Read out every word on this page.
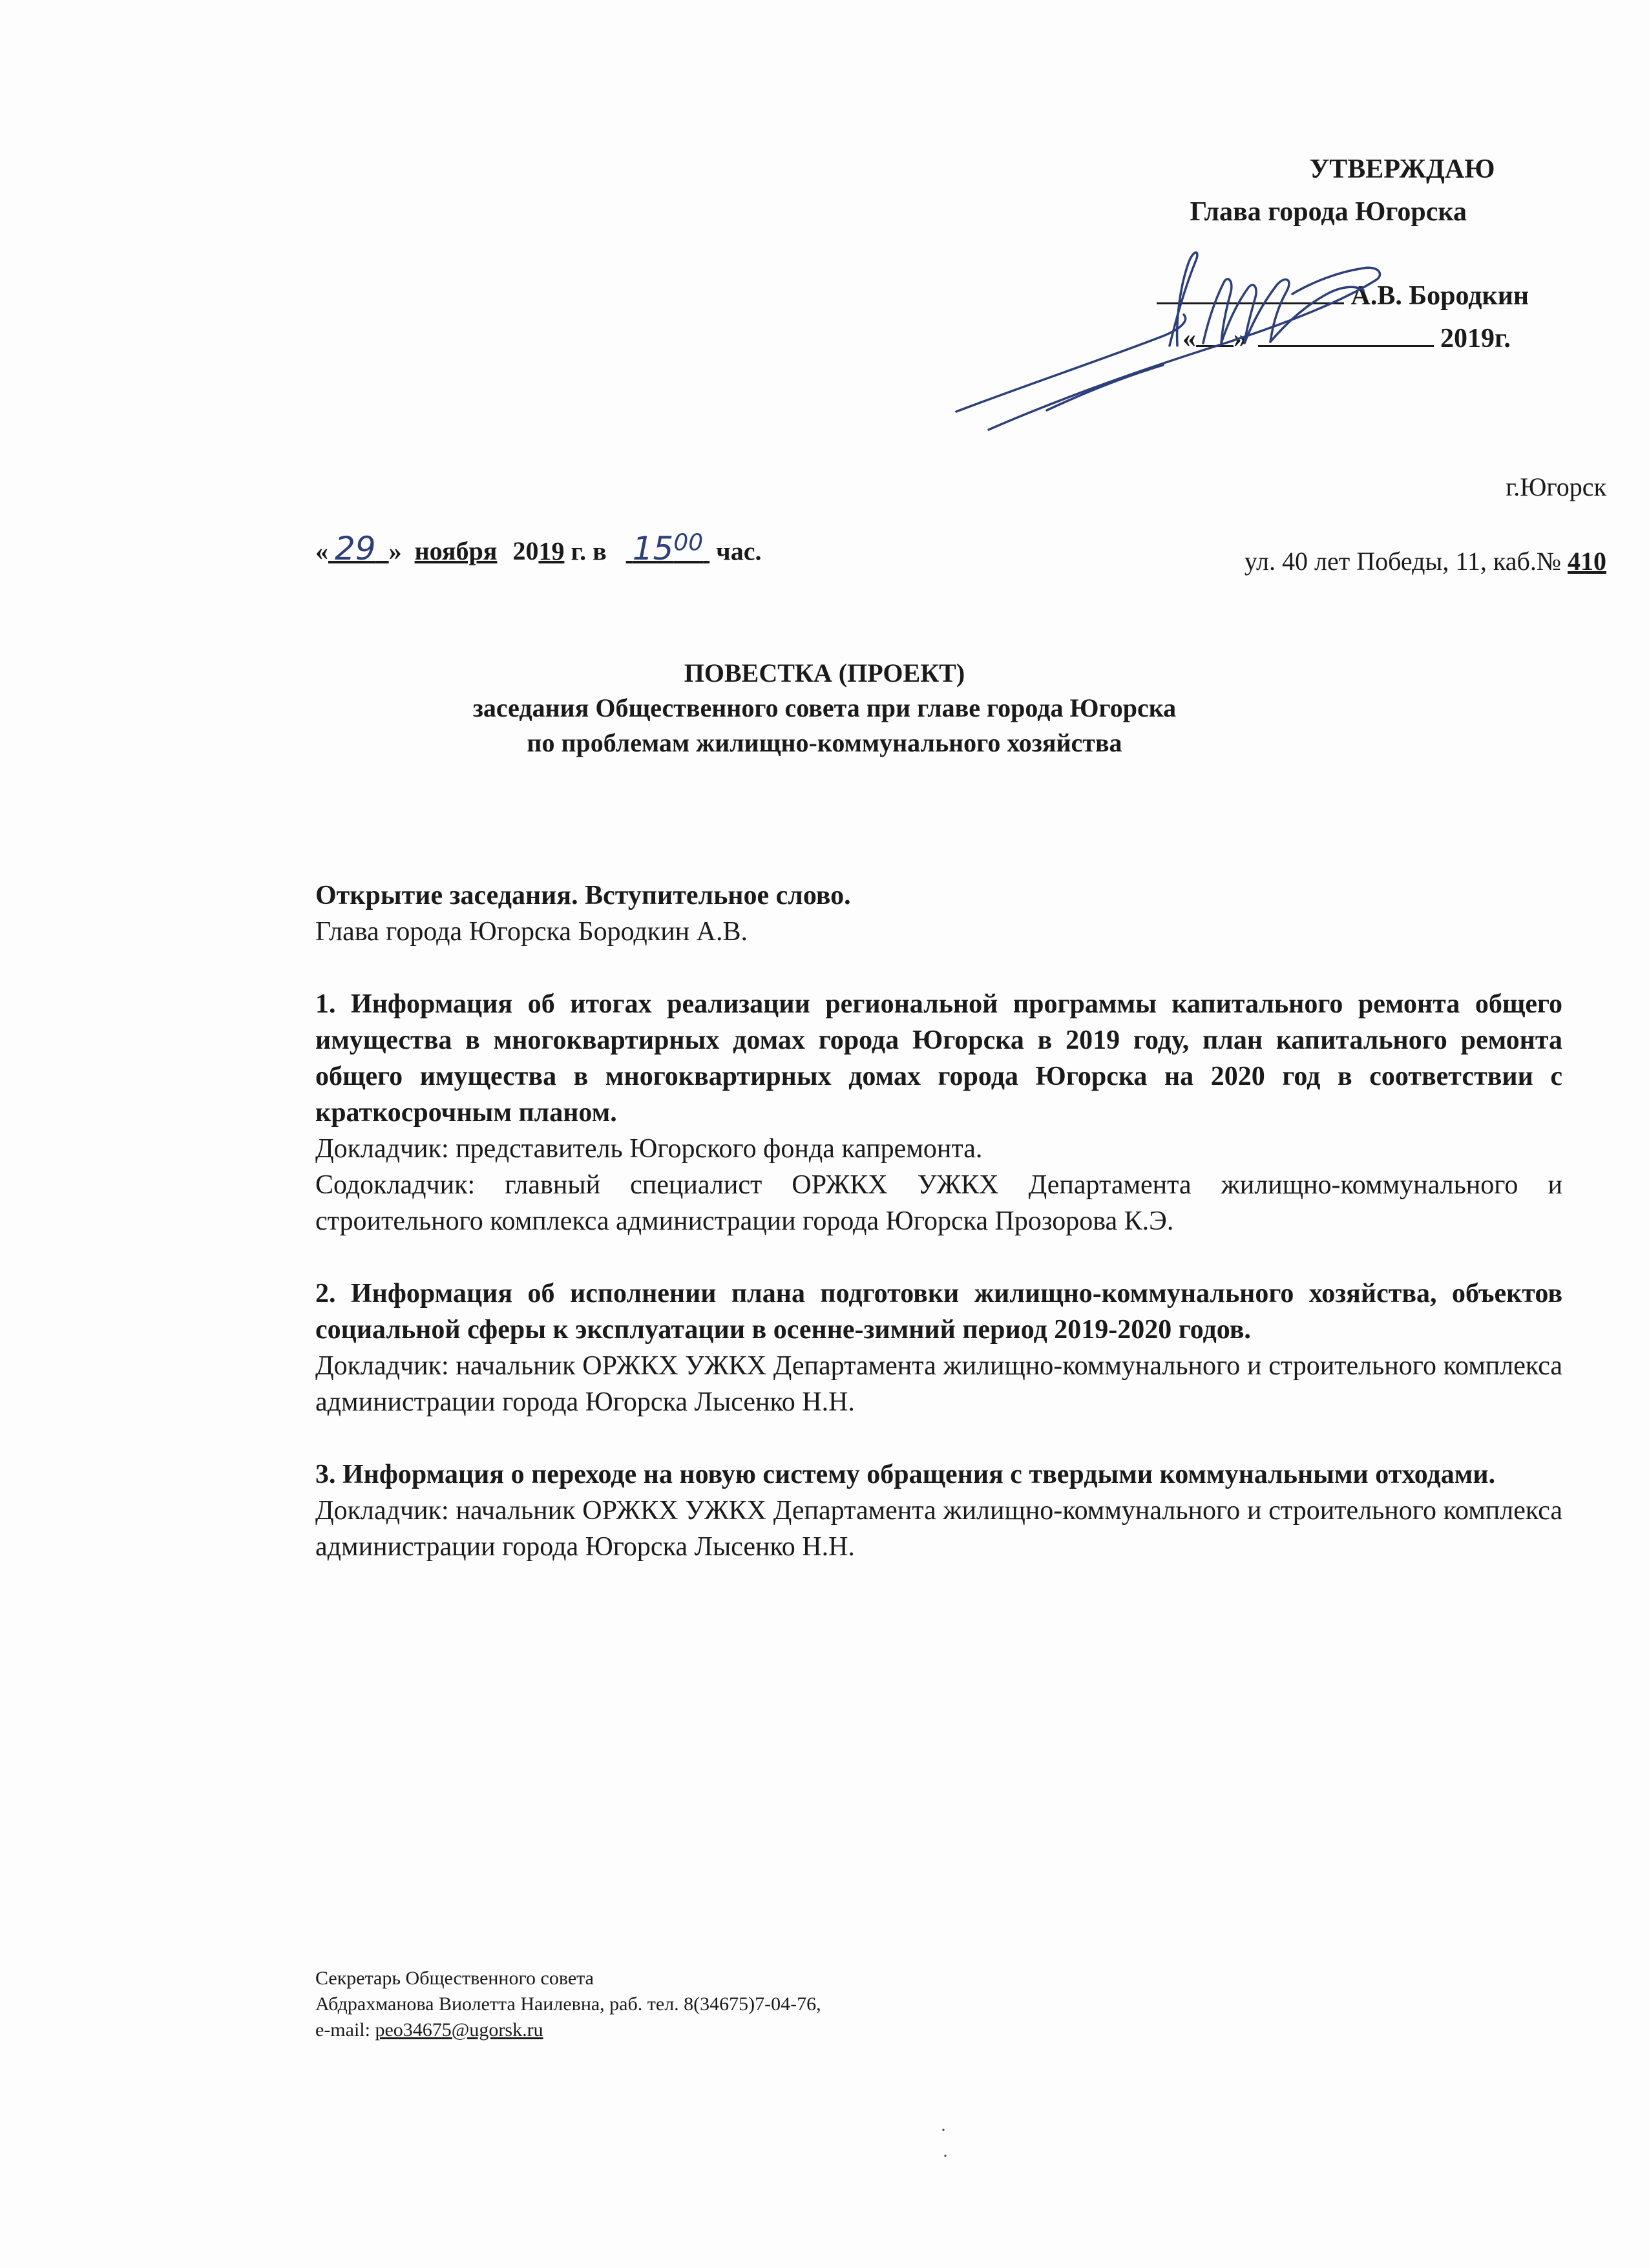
УТВЕРЖДАЮ
Глава города Югорска
А.В. Бородкин
« »	2019г.
г.Югорск
« 29 » ноября 2019 г. в $15^{00}$ час.	ул. 40 лет Победы, 11, каб.№ 410
ПОВЕСТКА (ПРОЕКТ)
заседания Общественного совета при главе города Югорска
по проблемам жилищно-коммунального хозяйства

Открытие заседания. Вступительное слово.

Глава города Югорска Бородкин А.В.

1. Информация об итогах реализации региональной программы капитального ремонта общего имущества в многоквартирных домах города Югорска в 2019 году, план капитального ремонта общего имущества в многоквартирных домах города Югорска на 2020 год в соответствии с краткосрочным планом.

Докладчик: представитель Югорского фонда капремонта.

Содокладчик: главный специалист ОРЖКХ УЖКХ Департамента жилищно-коммунального и строительного комплекса администрации города Югорска Прозорова К.Э.

2. Информация об исполнении плана подготовки жилищно-коммунального хозяйства, объектов социальной сферы к эксплуатации в осенне-зимний период 2019-2020 годов.

Докладчик: начальник ОРЖКХ УЖКХ Департамента жилищно-коммунального и строительного комплекса администрации города Югорска Лысенко Н.Н.

3. Информация о переходе на новую систему обращения с твердыми коммунальными отходами.

Докладчик: начальник ОРЖКХ УЖКХ Департамента жилищно-коммунального и строительного комплекса администрации города Югорска Лысенко Н.Н.

Секретарь Общественного совета
Абдрахманова Виолетта Наилевна, раб. тел. 8(34675)7-04-76,
e-mail: peo34675@ugorsk.ru
·
·
